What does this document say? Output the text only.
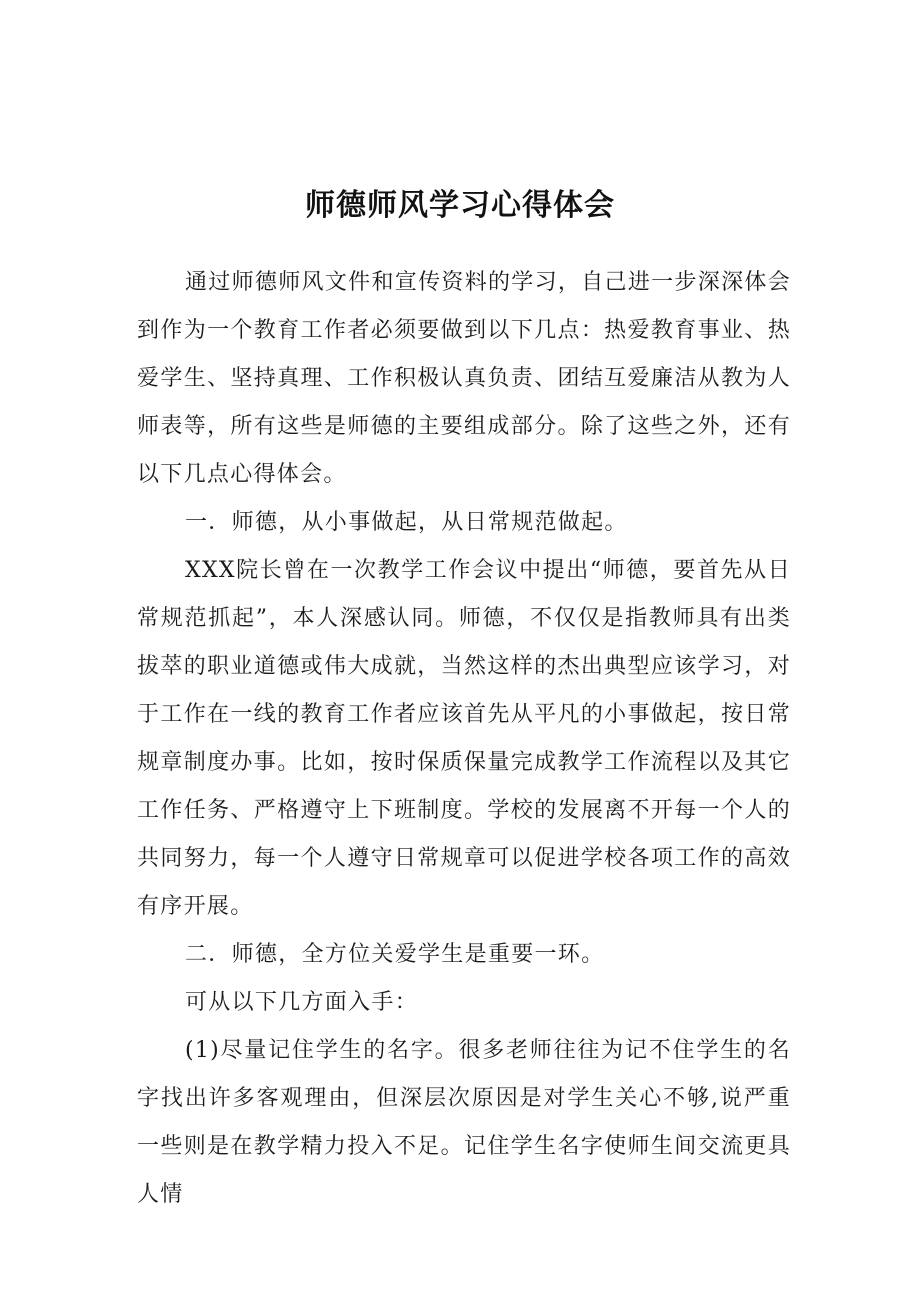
师德师风学习心得体会

通过师德师风文件和宣传资料的学习，自己进一步深深体会到作为一个教育工作者必须要做到以下几点：热爱教育事业、热爱学生、坚持真理、工作积极认真负责、团结互爱廉洁从教为人师表等，所有这些是师德的主要组成部分。除了这些之外，还有以下几点心得体会。

一．师德，从小事做起，从日常规范做起。

XXX院长曾在一次教学工作会议中提出“师德，要首先从日常规范抓起”，本人深感认同。师德，不仅仅是指教师具有出类拔萃的职业道德或伟大成就，当然这样的杰出典型应该学习，对于工作在一线的教育工作者应该首先从平凡的小事做起，按日常规章制度办事。比如，按时保质保量完成教学工作流程以及其它工作任务、严格遵守上下班制度。学校的发展离不开每一个人的共同努力，每一个人遵守日常规章可以促进学校各项工作的高效有序开展。

二．师德，全方位关爱学生是重要一环。

可从以下几方面入手：

(1)尽量记住学生的名字。很多老师往往为记不住学生的名字找出许多客观理由，但深层次原因是对学生关心不够,说严重一些则是在教学精力投入不足。记住学生名字使师生间交流更具人情
